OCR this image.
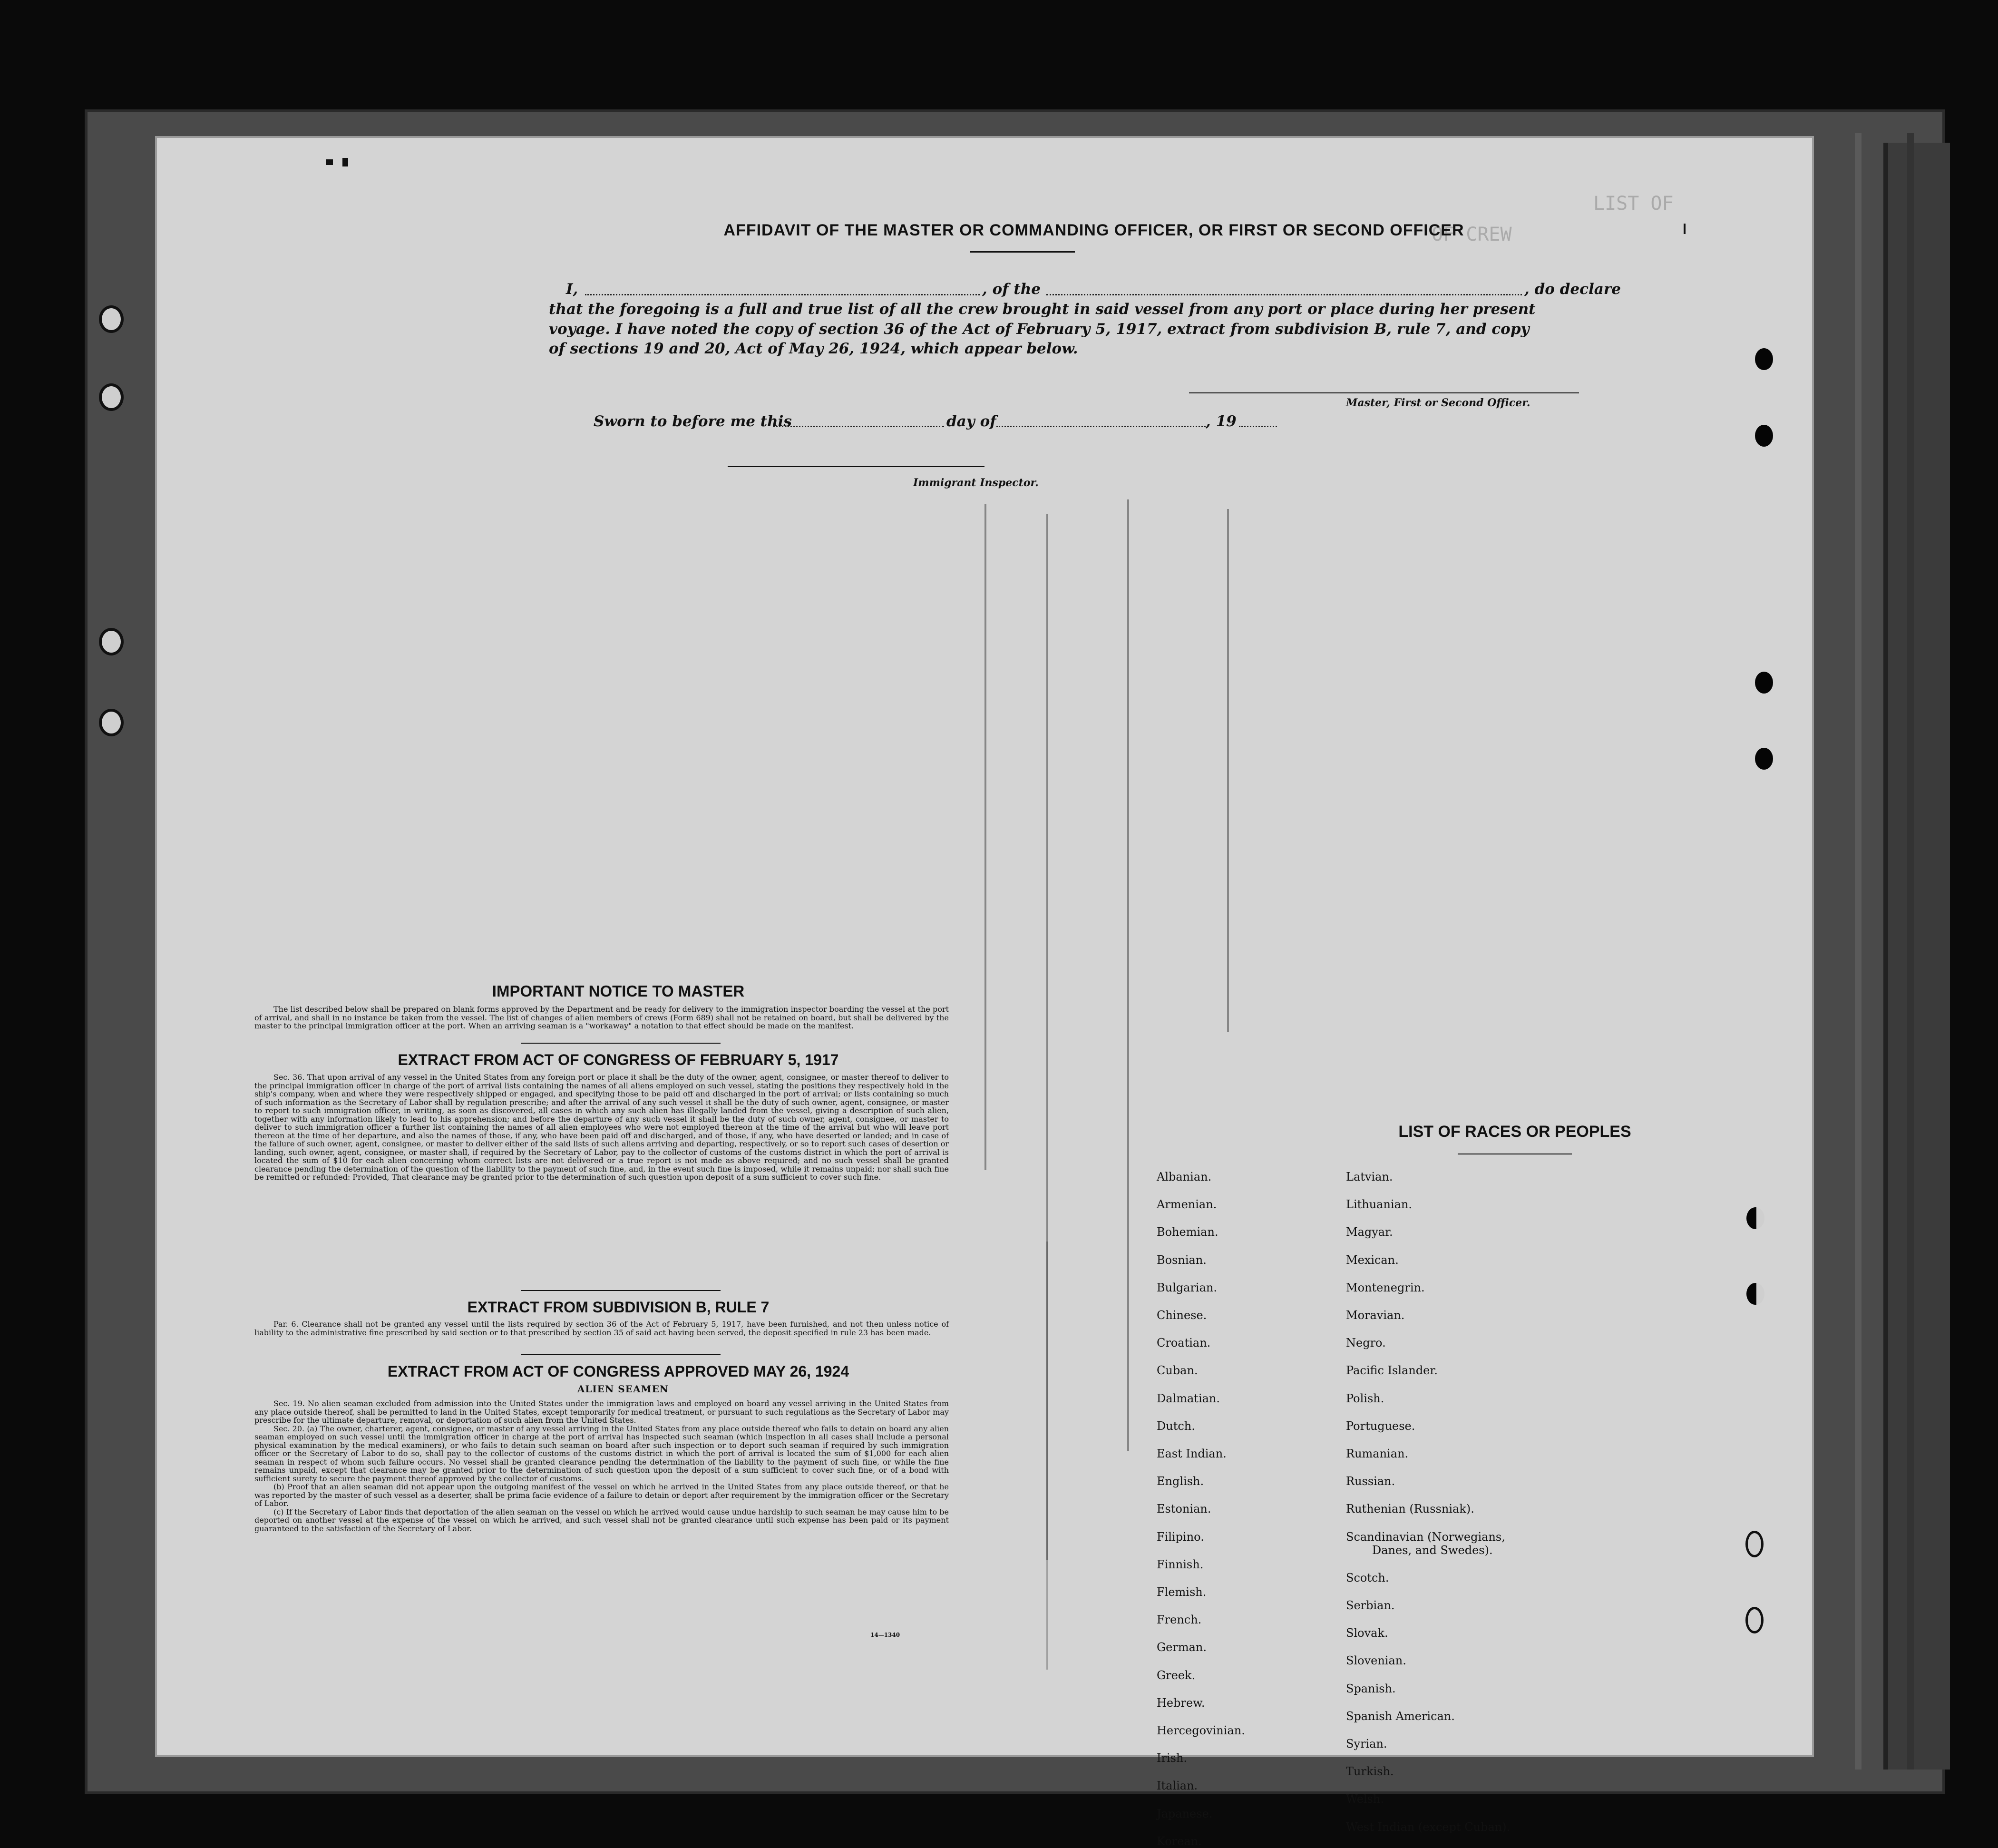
LIST OF
OF CREW
AFFIDAVIT OF THE MASTER OR COMMANDING OFFICER, OR FIRST OR SECOND OFFICER
I,	, of the	, do declare
that the foregoing is a full and true list of all the crew brought in said vessel from any port or place during her present
voyage. I have noted the copy of section 36 of the Act of February 5, 1917, extract from subdivision B, rule 7, and copy
of sections 19 and 20, Act of May 26, 1924, which appear below.
Master, First or Second Officer.
Sworn to before me this	day of	, 19
Immigrant Inspector.
IMPORTANT NOTICE TO MASTER

The list described below shall be prepared on blank forms approved by the Department and be ready for delivery to the immigration inspector boarding the vessel at the port of arrival, and shall in no instance be taken from the vessel. The list of changes of alien members of crews (Form 689) shall not be retained on board, but shall be delivered by the master to the principal immigration officer at the port. When an arriving seaman is a "workaway" a notation to that effect should be made on the manifest.

EXTRACT FROM ACT OF CONGRESS OF FEBRUARY 5, 1917

Sec. 36. That upon arrival of any vessel in the United States from any foreign port or place it shall be the duty of the owner, agent, consignee, or master thereof to deliver to the principal immigration officer in charge of the port of arrival lists containing the names of all aliens employed on such vessel, stating the positions they respectively hold in the ship's company, when and where they were respectively shipped or engaged, and specifying those to be paid off and discharged in the port of arrival; or lists containing so much of such information as the Secretary of Labor shall by regulation prescribe; and after the arrival of any such vessel it shall be the duty of such owner, agent, consignee, or master to report to such immigration officer, in writing, as soon as discovered, all cases in which any such alien has illegally landed from the vessel, giving a description of such alien, together with any information likely to lead to his apprehension; and before the departure of any such vessel it shall be the duty of such owner, agent, consignee, or master to deliver to such immigration officer a further list containing the names of all alien employees who were not employed thereon at the time of the arrival but who will leave port thereon at the time of her departure, and also the names of those, if any, who have been paid off and discharged, and of those, if any, who have deserted or landed; and in case of the failure of such owner, agent, consignee, or master to deliver either of the said lists of such aliens arriving and departing, respectively, or so to report such cases of desertion or landing, such owner, agent, consignee, or master shall, if required by the Secretary of Labor, pay to the collector of customs of the customs district in which the port of arrival is located the sum of $10 for each alien concerning whom correct lists are not delivered or a true report is not made as above required; and no such vessel shall be granted clearance pending the determination of the question of the liability to the payment of such fine, and, in the event such fine is imposed, while it remains unpaid; nor shall such fine be remitted or refunded: Provided, That clearance may be granted prior to the determination of such question upon deposit of a sum sufficient to cover such fine.

EXTRACT FROM SUBDIVISION B, RULE 7

Par. 6. Clearance shall not be granted any vessel until the lists required by section 36 of the Act of February 5, 1917, have been furnished, and not then unless notice of liability to the administrative fine prescribed by said section or to that prescribed by section 35 of said act having been served, the deposit specified in rule 23 has been made.

EXTRACT FROM ACT OF CONGRESS APPROVED MAY 26, 1924
ALIEN SEAMEN

Sec. 19. No alien seaman excluded from admission into the United States under the immigration laws and employed on board any vessel arriving in the United States from any place outside thereof, shall be permitted to land in the United States, except temporarily for medical treatment, or pursuant to such regulations as the Secretary of Labor may prescribe for the ultimate departure, removal, or deportation of such alien from the United States.

Sec. 20. (a) The owner, charterer, agent, consignee, or master of any vessel arriving in the United States from any place outside thereof who fails to detain on board any alien seaman employed on such vessel until the immigration officer in charge at the port of arrival has inspected such seaman (which inspection in all cases shall include a personal physical examination by the medical examiners), or who fails to detain such seaman on board after such inspection or to deport such seaman if required by such immigration officer or the Secretary of Labor to do so, shall pay to the collector of customs of the customs district in which the port of arrival is located the sum of $1,000 for each alien seaman in respect of whom such failure occurs. No vessel shall be granted clearance pending the determination of the liability to the payment of such fine, or while the fine remains unpaid, except that clearance may be granted prior to the determination of such question upon the deposit of a sum sufficient to cover such fine, or of a bond with sufficient surety to secure the payment thereof approved by the collector of customs.

(b) Proof that an alien seaman did not appear upon the outgoing manifest of the vessel on which he arrived in the United States from any place outside thereof, or that he was reported by the master of such vessel as a deserter, shall be prima facie evidence of a failure to detain or deport after requirement by the immigration officer or the Secretary of Labor.

(c) If the Secretary of Labor finds that deportation of the alien seaman on the vessel on which he arrived would cause undue hardship to such seaman he may cause him to be deported on another vessel at the expense of the vessel on which he arrived, and such vessel shall not be granted clearance until such expense has been paid or its payment guaranteed to the satisfaction of the Secretary of Labor.

14—1340
LIST OF RACES OR PEOPLES
Albanian.
Armenian.
Bohemian.
Bosnian.
Bulgarian.
Chinese.
Croatian.
Cuban.
Dalmatian.
Dutch.
East Indian.
English.
Estonian.
Filipino.
Finnish.
Flemish.
French.
German.
Greek.
Hebrew.
Hercegovinian.
Irish.
Italian.
Japanese.
Korean.
Latvian.
Lithuanian.
Magyar.
Mexican.
Montenegrin.
Moravian.
Negro.
Pacific Islander.
Polish.
Portuguese.
Rumanian.
Russian.
Ruthenian (Russniak).
Scandinavian (Norwegians,
Danes, and Swedes).
Scotch.
Serbian.
Slovak.
Slovenian.
Spanish.
Spanish American.
Syrian.
Turkish.
Welsh.
West Indian (except Cuban).
